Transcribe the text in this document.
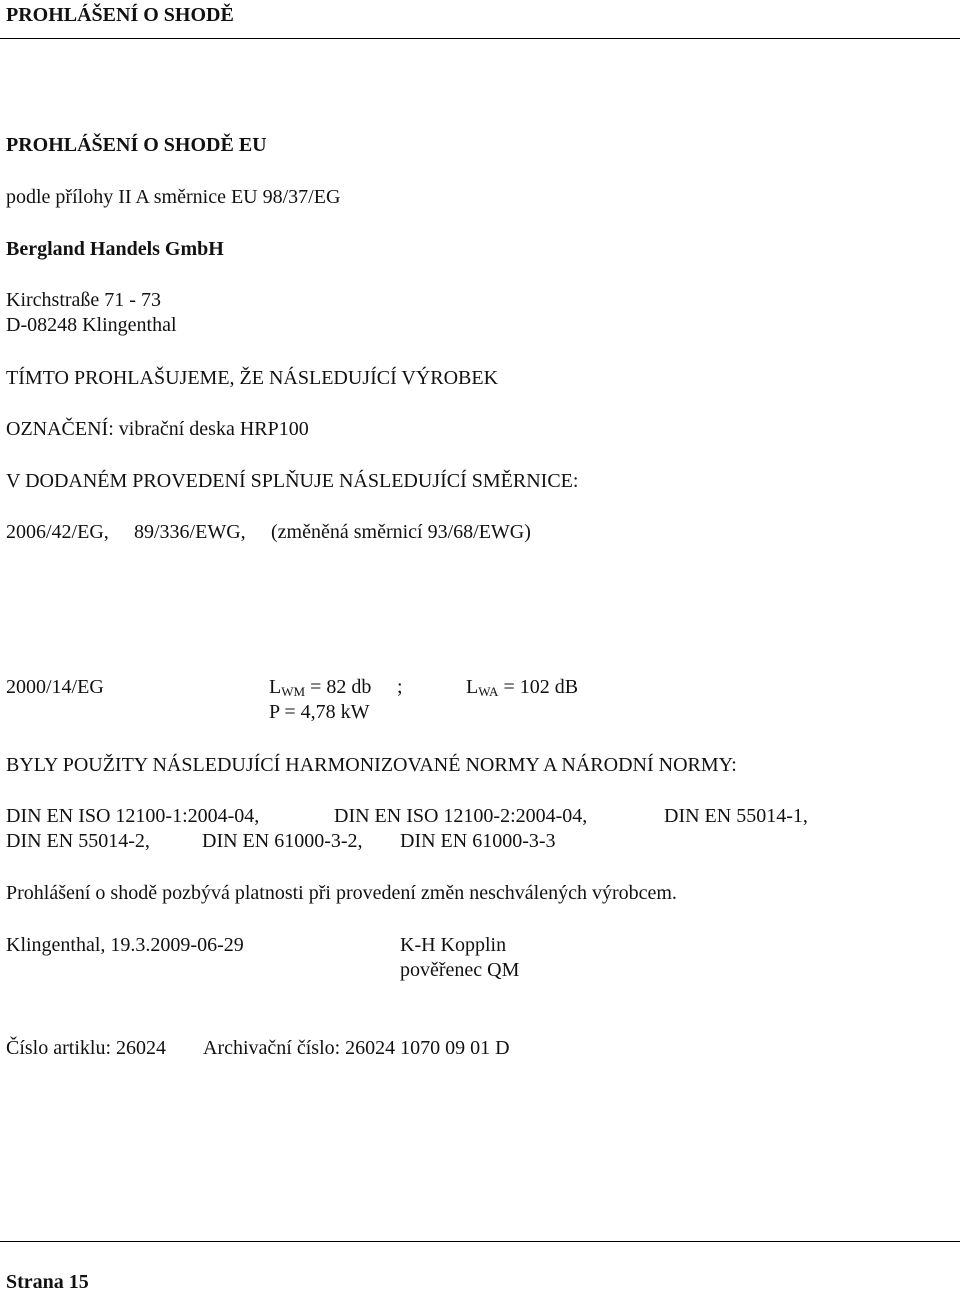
PROHLÁŠENÍ O SHODĚ
PROHLÁŠENÍ O SHODĚ EU
podle přílohy II A směrnice EU 98/37/EG
Bergland Handels GmbH
Kirchstraße 71 - 73
D-08248 Klingenthal
TÍMTO PROHLAŠUJEME, ŽE NÁSLEDUJÍCÍ VÝROBEK
OZNAČENÍ: vibrační deska HRP100
V DODANÉM PROVEDENÍ SPLŇUJE NÁSLEDUJÍCÍ SMĚRNICE:
2006/42/EG, 89/336/EWG, (změněná směrnicí 93/68/EWG)
2000/14/EG	$L_{WM} = 82$ db ;	$L_{WA} = 102$ dB
P = 4,78 kW
BYLY POUŽITY NÁSLEDUJÍCÍ HARMONIZOVANÉ NORMY A NÁRODNÍ NORMY:
DIN EN ISO 12100-1:2004-04,	DIN EN ISO 12100-2:2004-04,	DIN EN 55014-1,
DIN EN 55014-2,	DIN EN 61000-3-2, DIN EN 61000-3-3
Prohlášení o shodě pozbývá platnosti při provedení změn neschválených výrobcem.
Klingenthal, 19.3.2009-06-29	K-H Kopplin
pověřenec QM
Číslo artiklu: 26024 Archivační číslo: 26024 1070 09 01 D
Strana 15
